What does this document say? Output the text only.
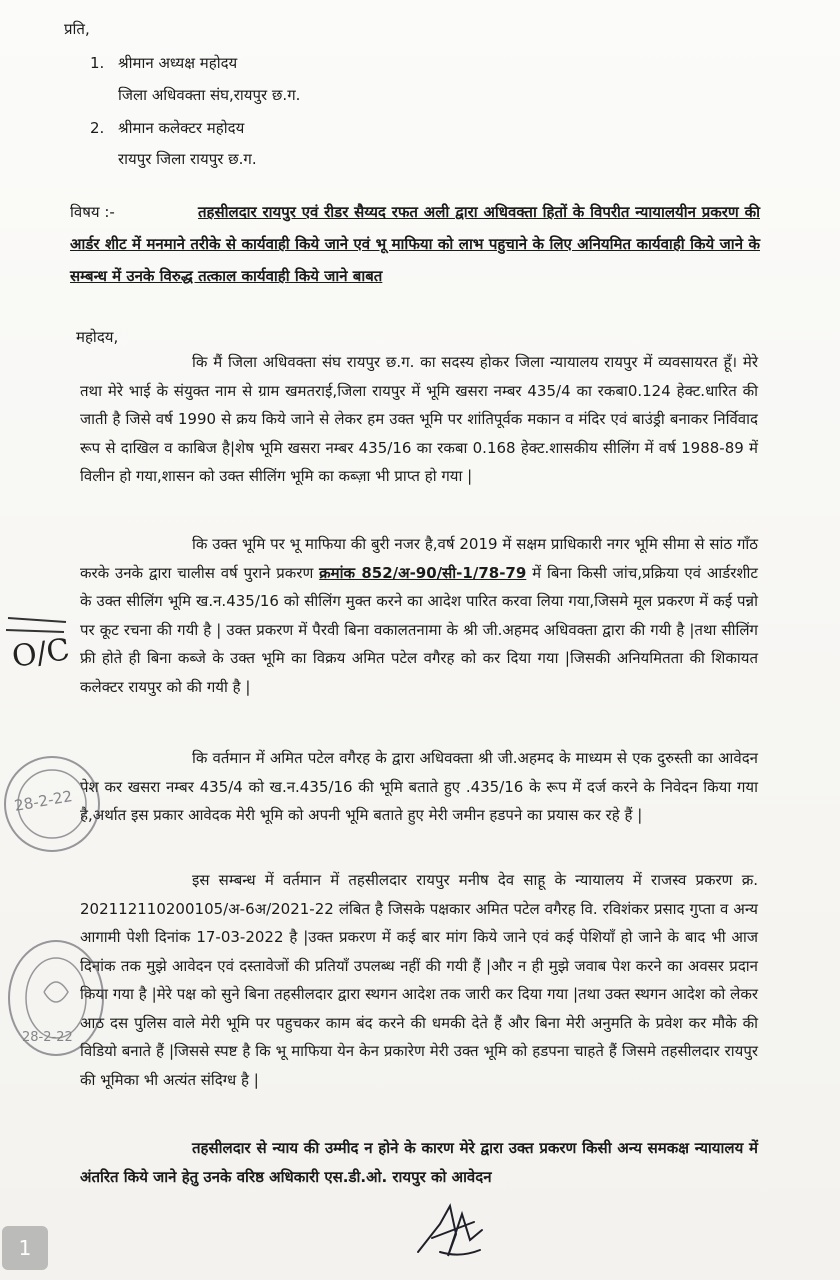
प्रति,
1. श्रीमान अध्यक्ष महोदय
जिला अधिवक्ता संघ,रायपुर छ.ग.
2. श्रीमान कलेक्टर महोदय
रायपुर जिला रायपुर छ.ग.
विषय :-	तहसीलदार रायपुर एवं रीडर सैय्यद रफत अली द्वारा अधिवक्ता हितों के विपरीत न्यायालयीन प्रकरण की आर्डर शीट में मनमाने तरीके से कार्यवाही किये जाने एवं भू माफिया को लाभ पहुचाने के लिए अनियमित कार्यवाही किये जाने के सम्बन्ध में उनके विरुद्ध तत्काल कार्यवाही किये जाने बाबत
महोदय,
कि मैं जिला अधिवक्ता संघ रायपुर छ.ग. का सदस्य होकर जिला न्यायालय रायपुर में व्यवसायरत हूँ। मेरे तथा मेरे भाई के संयुक्त नाम से ग्राम खमतराई,जिला रायपुर में भूमि खसरा नम्बर 435/4 का रकबा0.124 हेक्ट.धारित की जाती है जिसे वर्ष 1990 से क्रय किये जाने से लेकर हम उक्त भूमि पर शांतिपूर्वक मकान व मंदिर एवं बाउंड्री बनाकर निर्विवाद रूप से दाखिल व काबिज है|शेष भूमि खसरा नम्बर 435/16 का रकबा 0.168 हेक्ट.शासकीय सीलिंग में वर्ष 1988-89 में विलीन हो गया,शासन को उक्त सीलिंग भूमि का कब्ज़ा भी प्राप्त हो गया |
कि उक्त भूमि पर भू माफिया की बुरी नजर है,वर्ष 2019 में सक्षम प्राधिकारी नगर भूमि सीमा से सांठ गाँठ करके उनके द्वारा चालीस वर्ष पुराने प्रकरण क्रमांक 852/अ-90/सी-1/78-79 में बिना किसी जांच,प्रक्रिया एवं आर्डरशीट के उक्त सीलिंग भूमि ख.न.435/16 को सीलिंग मुक्त करने का आदेश पारित करवा लिया गया,जिसमे मूल प्रकरण में कई पन्नो पर कूट रचना की गयी है | उक्त प्रकरण में पैरवी बिना वकालतनामा के श्री जी.अहमद अधिवक्ता द्वारा की गयी है |तथा सीलिंग फ्री होते ही बिना कब्जे के उक्त भूमि का विक्रय अमित पटेल वगैरह को कर दिया गया |जिसकी अनियमितता की शिकायत कलेक्टर रायपुर को की गयी है |
कि वर्तमान में अमित पटेल वगैरह के द्वारा अधिवक्ता श्री जी.अहमद के माध्यम से एक दुरुस्ती का आवेदन पेश कर खसरा नम्बर 435/4 को ख.न.435/16 की भूमि बताते हुए .435/16 के रूप में दर्ज करने के निवेदन किया गया है,अर्थात इस प्रकार आवेदक मेरी भूमि को अपनी भूमि बताते हुए मेरी जमीन हडपने का प्रयास कर रहे हैं |
इस सम्बन्ध में वर्तमान में तहसीलदार रायपुर मनीष देव साहू के न्यायालय में राजस्व प्रकरण क्र. 202112110200105/अ-6अ/2021-22 लंबित है जिसके पक्षकार अमित पटेल वगैरह वि. रविशंकर प्रसाद गुप्ता व अन्य आगामी पेशी दिनांक 17-03-2022 है |उक्त प्रकरण में कई बार मांग किये जाने एवं कई पेशियाँ हो जाने के बाद भी आज दिनांक तक मुझे आवेदन एवं दस्तावेजों की प्रतियाँ उपलब्ध नहीं की गयी हैं |और न ही मुझे जवाब पेश करने का अवसर प्रदान किया गया है |मेरे पक्ष को सुने बिना तहसीलदार द्वारा स्थगन आदेश तक जारी कर दिया गया |तथा उक्त स्थगन आदेश को लेकर आठ दस पुलिस वाले मेरी भूमि पर पहुचकर काम बंद करने की धमकी देते हैं और बिना मेरी अनुमति के प्रवेश कर मौके की विडियो बनाते हैं |जिससे स्पष्ट है कि भू माफिया येन केन प्रकारेण मेरी उक्त भूमि को हडपना चाहते हैं जिसमे तहसीलदार रायपुर की भूमिका भी अत्यंत संदिग्ध है |
तहसीलदार से न्याय की उम्मीद न होने के कारण मेरे द्वारा उक्त प्रकरण किसी अन्य समकक्ष न्यायालय में अंतरित किये जाने हेतु उनके वरिष्ठ अधिकारी एस.डी.ओ. रायपुर को आवेदन
O/C
28-2-22
28-2-22
1
